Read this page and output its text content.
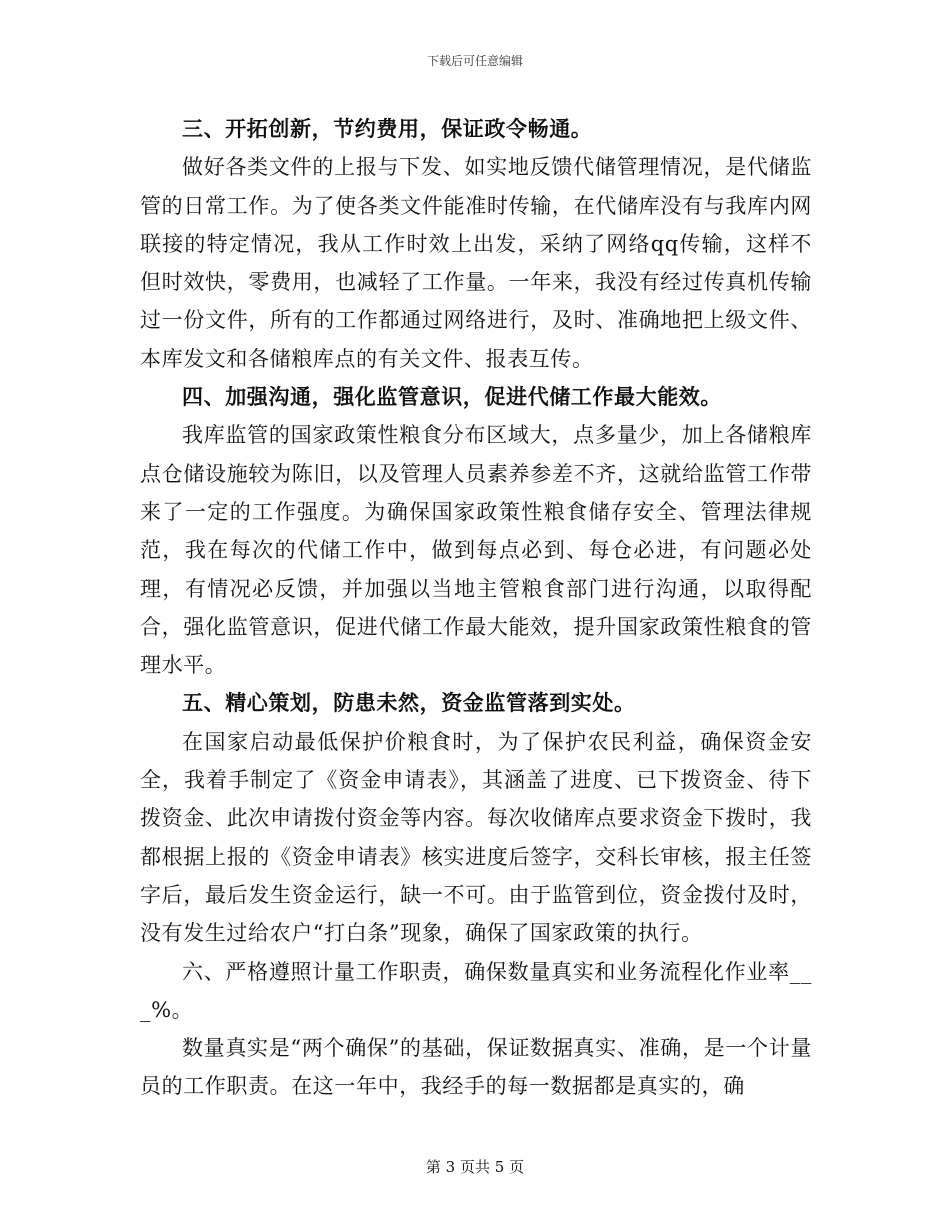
下载后可任意编辑

三、开拓创新，节约费用，保证政令畅通。

做好各类文件的上报与下发、如实地反馈代储管理情况，是代储监管的日常工作。为了使各类文件能准时传输，在代储库没有与我库内网联接的特定情况，我从工作时效上出发，采纳了网络qq传输，这样不但时效快，零费用，也减轻了工作量。一年来，我没有经过传真机传输过一份文件，所有的工作都通过网络进行，及时、准确地把上级文件、本库发文和各储粮库点的有关文件、报表互传。

四、加强沟通，强化监管意识，促进代储工作最大能效。

我库监管的国家政策性粮食分布区域大，点多量少，加上各储粮库点仓储设施较为陈旧，以及管理人员素养参差不齐，这就给监管工作带来了一定的工作强度。为确保国家政策性粮食储存安全、管理法律规范，我在每次的代储工作中，做到每点必到、每仓必进，有问题必处理，有情况必反馈，并加强以当地主管粮食部门进行沟通，以取得配合，强化监管意识，促进代储工作最大能效，提升国家政策性粮食的管理水平。

五、精心策划，防患未然，资金监管落到实处。

在国家启动最低保护价粮食时，为了保护农民利益，确保资金安全，我着手制定了《资金申请表》，其涵盖了进度、已下拨资金、待下拨资金、此次申请拨付资金等内容。每次收储库点要求资金下拨时，我都根据上报的《资金申请表》核实进度后签字，交科长审核，报主任签字后，最后发生资金运行，缺一不可。由于监管到位，资金拨付及时，没有发生过给农户“打白条”现象，确保了国家政策的执行。

六、严格遵照计量工作职责，确保数量真实和业务流程化作业率___%。

数量真实是“两个确保”的基础，保证数据真实、准确，是一个计量员的工作职责。在这一年中，我经手的每一数据都是真实的，确

第 3 页共 5 页
